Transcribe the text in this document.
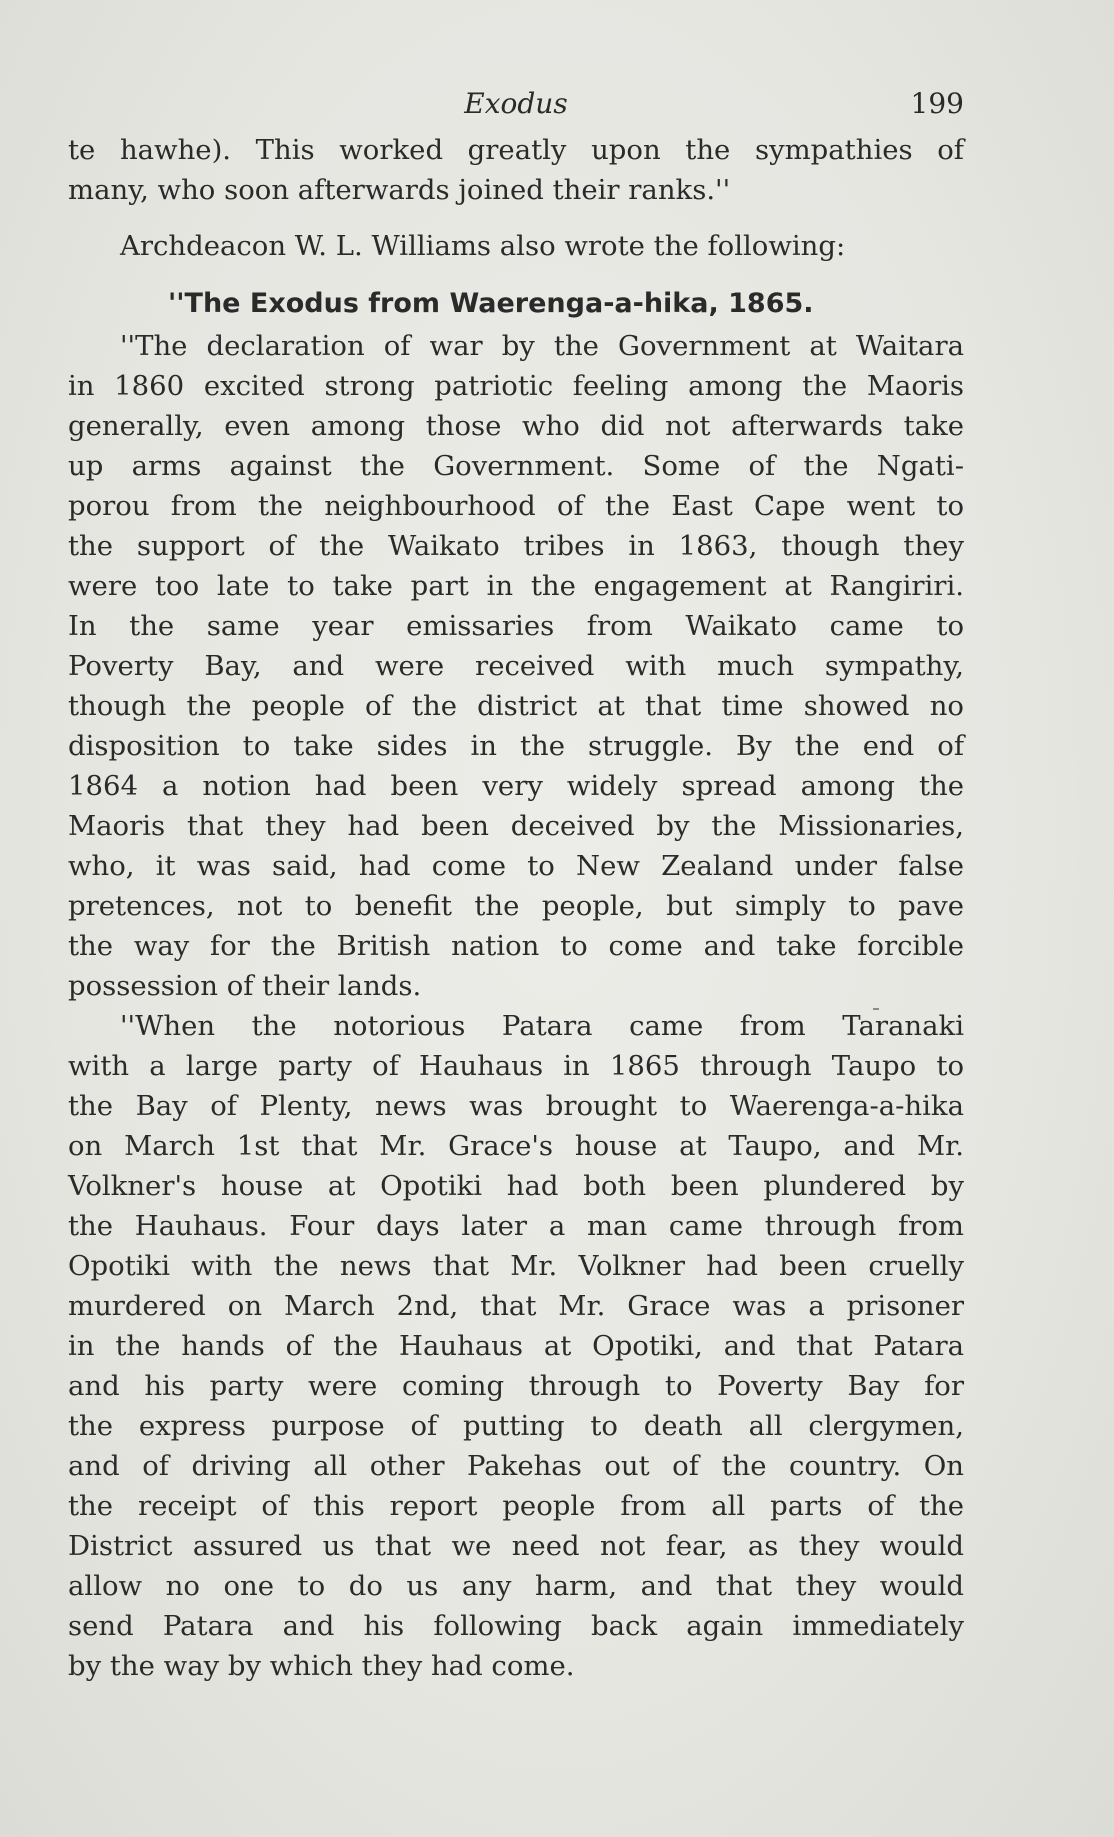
Exodus	199
te hawhe). This worked greatly upon the sympathies of
many, who soon afterwards joined their ranks.''
Archdeacon W. L. Williams also wrote the following:
''The Exodus from Waerenga-a-hika, 1865.
''The declaration of war by the Government at Waitara
in 1860 excited strong patriotic feeling among the Maoris
generally, even among those who did not afterwards take
up arms against the Government. Some of the Ngati-
porou from the neighbourhood of the East Cape went to
the support of the Waikato tribes in 1863, though they
were too late to take part in the engagement at Rangiriri.
In the same year emissaries from Waikato came to
Poverty Bay, and were received with much sympathy,
though the people of the district at that time showed no
disposition to take sides in the struggle. By the end of
1864 a notion had been very widely spread among the
Maoris that they had been deceived by the Missionaries,
who, it was said, had come to New Zealand under false
pretences, not to benefit the people, but simply to pave
the way for the British nation to come and take forcible
possession of their lands.
''When the notorious Patara came from Taranaki
with a large party of Hauhaus in 1865 through Taupo to
the Bay of Plenty, news was brought to Waerenga-a-hika
on March 1st that Mr. Grace's house at Taupo, and Mr.
Volkner's house at Opotiki had both been plundered by
the Hauhaus. Four days later a man came through from
Opotiki with the news that Mr. Volkner had been cruelly
murdered on March 2nd, that Mr. Grace was a prisoner
in the hands of the Hauhaus at Opotiki, and that Patara
and his party were coming through to Poverty Bay for
the express purpose of putting to death all clergymen,
and of driving all other Pakehas out of the country. On
the receipt of this report people from all parts of the
District assured us that we need not fear, as they would
allow no one to do us any harm, and that they would
send Patara and his following back again immediately
by the way by which they had come.
